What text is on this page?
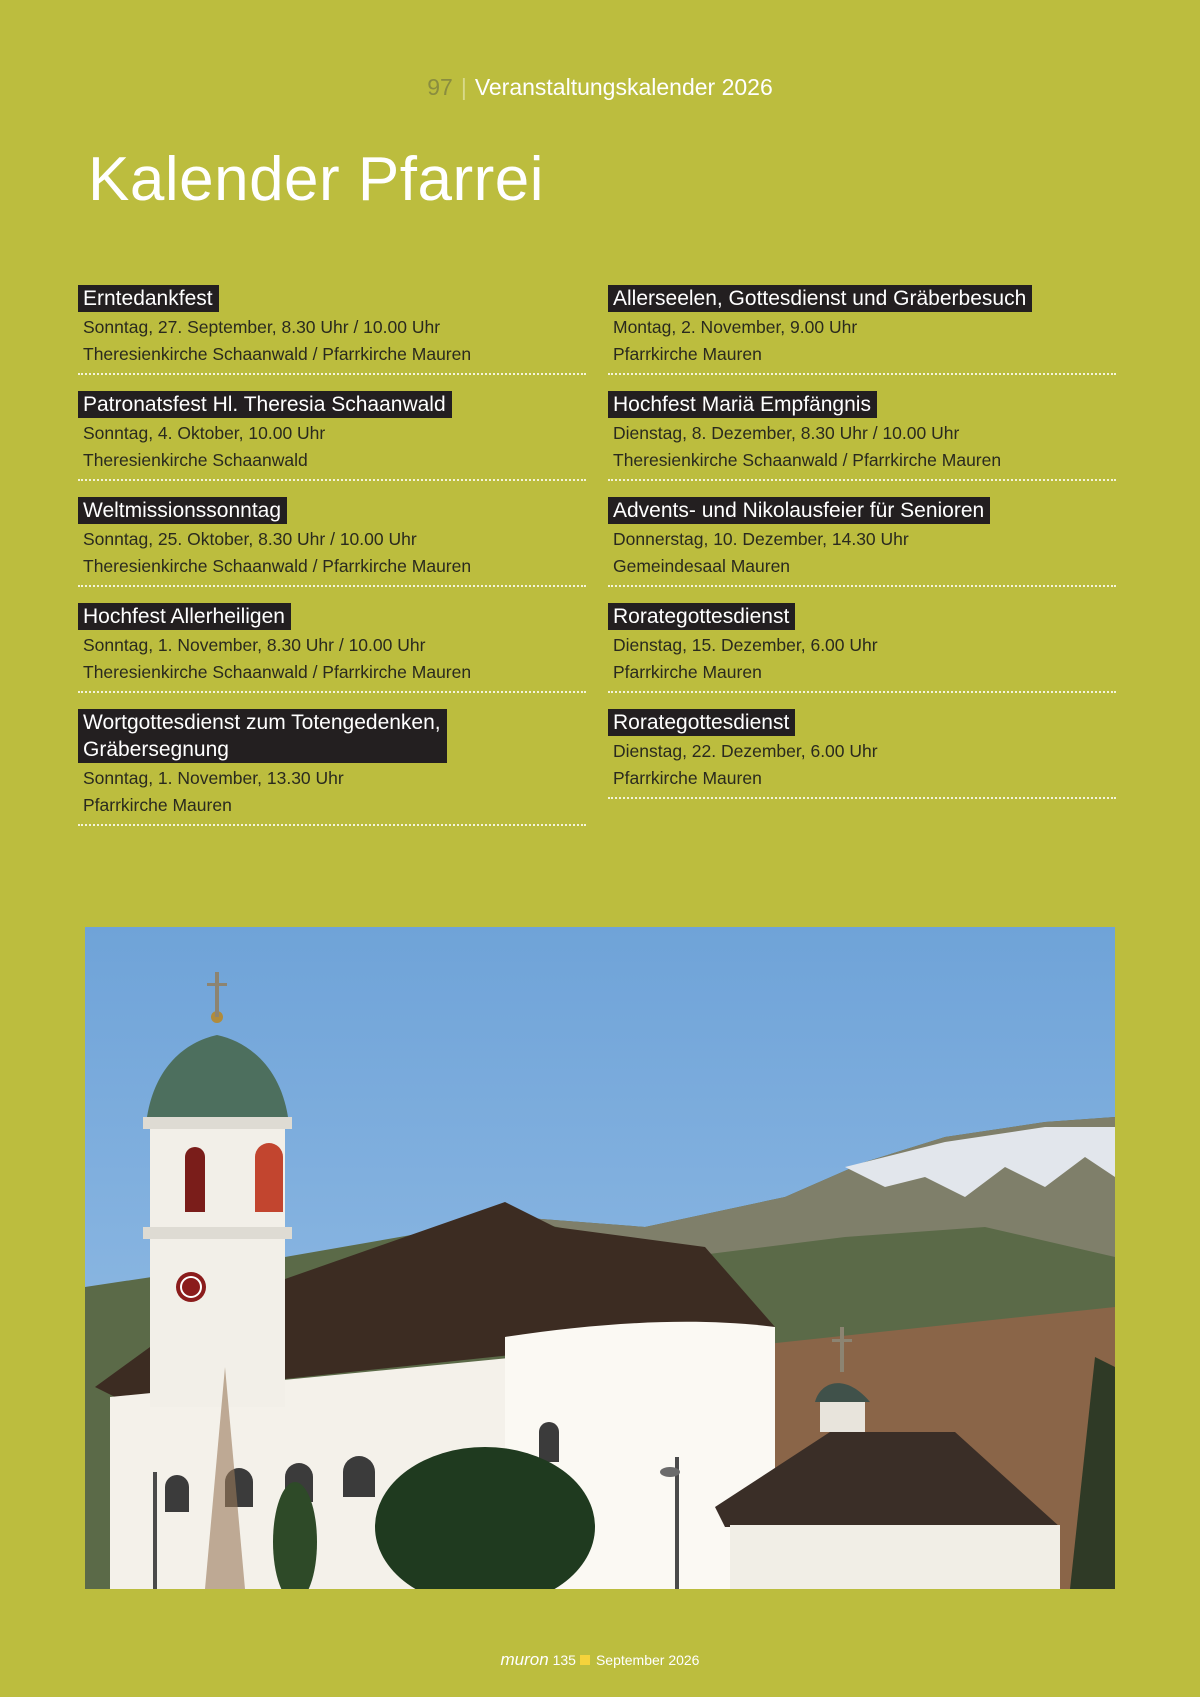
97 | Veranstaltungskalender 2026
Kalender Pfarrei
Erntedankfest
Sonntag, 27. September, 8.30 Uhr / 10.00 Uhr
Theresienkirche Schaanwald / Pfarrkirche Mauren
Patronatsfest Hl. Theresia Schaanwald
Sonntag, 4. Oktober, 10.00 Uhr
Theresienkirche Schaanwald
Weltmissionssonntag
Sonntag, 25. Oktober, 8.30 Uhr / 10.00 Uhr
Theresienkirche Schaanwald / Pfarrkirche Mauren
Hochfest Allerheiligen
Sonntag, 1. November, 8.30 Uhr / 10.00 Uhr
Theresienkirche Schaanwald / Pfarrkirche Mauren
Wortgottesdienst zum Totengedenken,
Gräbersegnung
Sonntag, 1. November, 13.30 Uhr
Pfarrkirche Mauren
Allerseelen, Gottesdienst und Gräberbesuch
Montag, 2. November, 9.00 Uhr
Pfarrkirche Mauren
Hochfest Mariä Empfängnis
Dienstag, 8. Dezember, 8.30 Uhr / 10.00 Uhr
Theresienkirche Schaanwald / Pfarrkirche Mauren
Advents- und Nikolausfeier für Senioren
Donnerstag, 10. Dezember, 14.30 Uhr
Gemeindesaal Mauren
Rorategottesdienst
Dienstag, 15. Dezember, 6.00 Uhr
Pfarrkirche Mauren
Rorategottesdienst
Dienstag, 22. Dezember, 6.00 Uhr
Pfarrkirche Mauren
muron 135 September 2026
